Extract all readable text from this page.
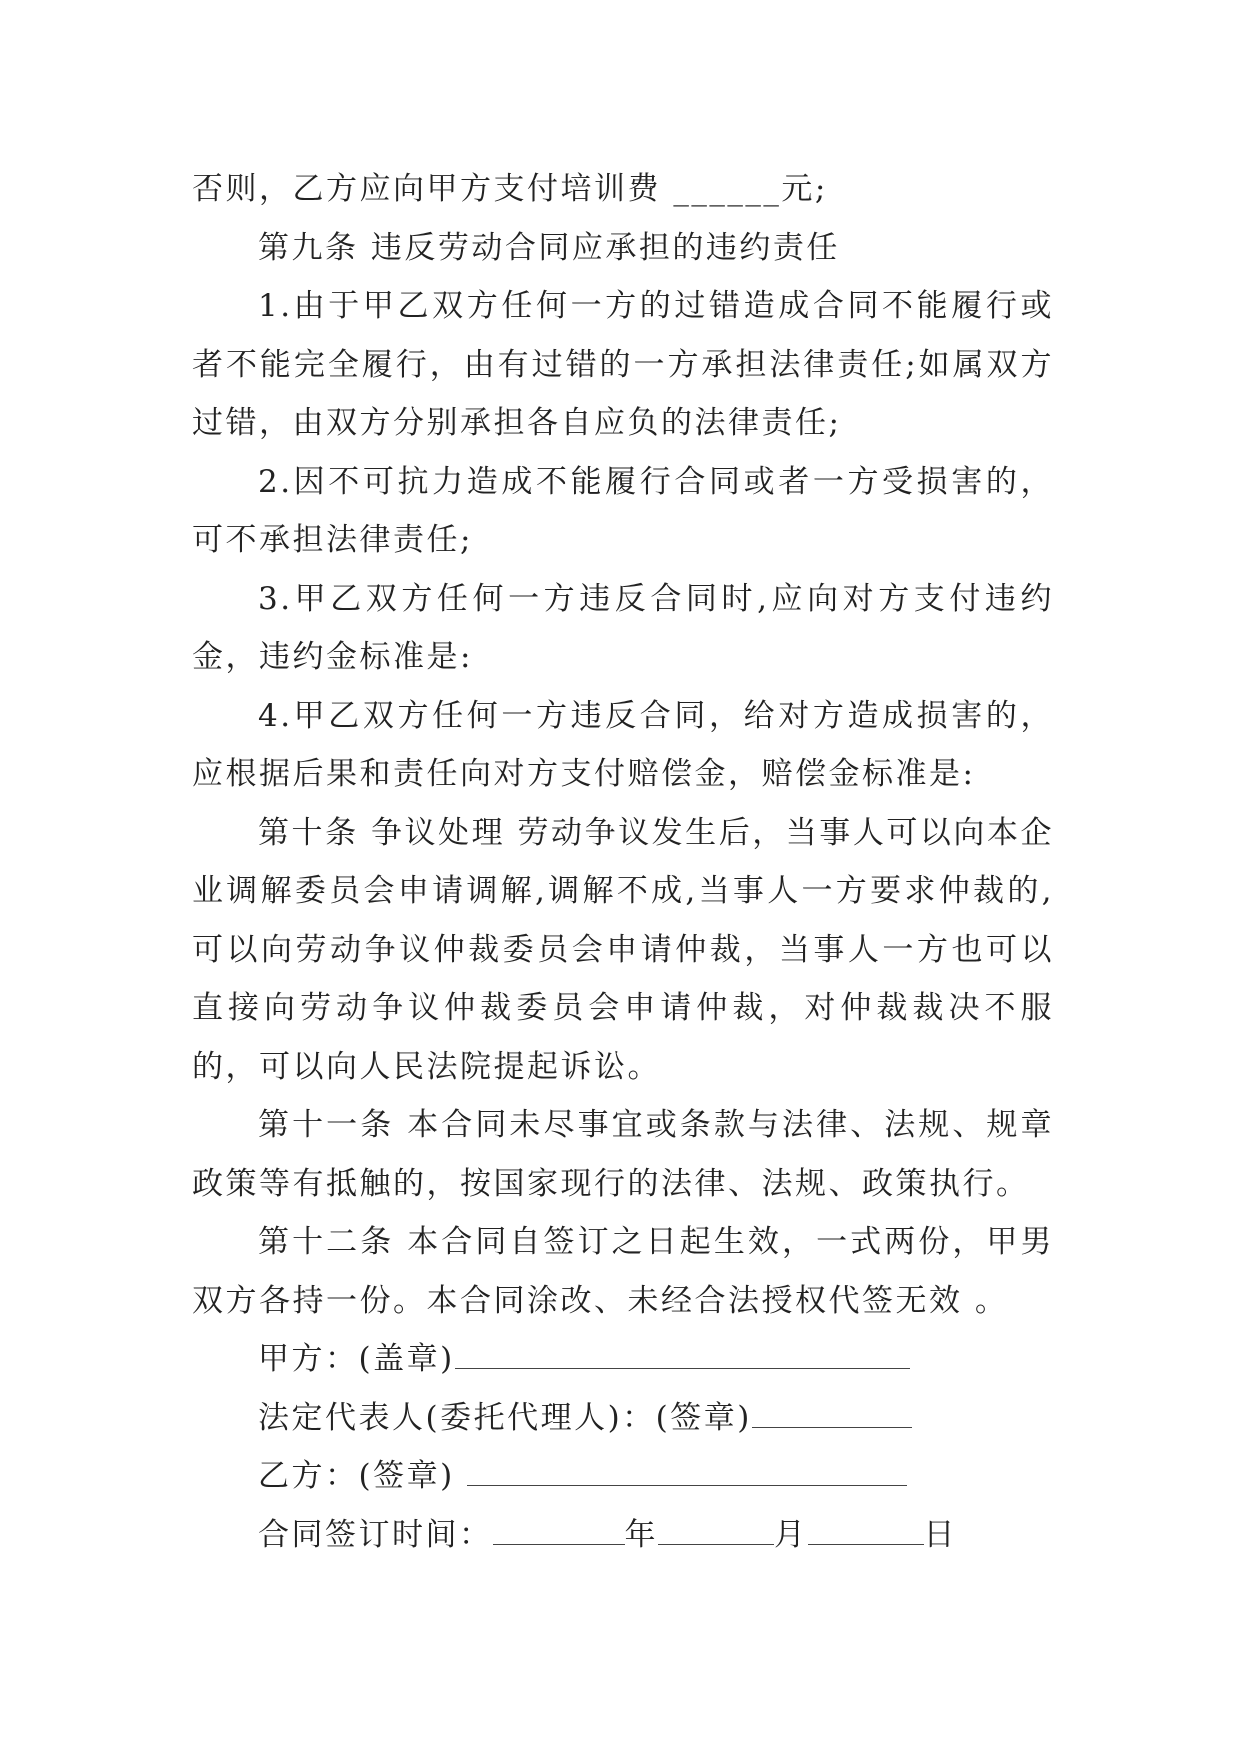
否则，乙方应向甲方支付培训费 ______元;

第九条 违反劳动合同应承担的违约责任

1.由于甲乙双方任何一方的过错造成合同不能履行或者不能完全履行，由有过错的一方承担法律责任;如属双方过错，由双方分别承担各自应负的法律责任;

2.因不可抗力造成不能履行合同或者一方受损害的，可不承担法律责任;

3.甲乙双方任何一方违反合同时,应向对方支付违约金，违约金标准是:

4.甲乙双方任何一方违反合同，给对方造成损害的，应根据后果和责任向对方支付赔偿金，赔偿金标准是:

第十条 争议处理 劳动争议发生后，当事人可以向本企业调解委员会申请调解,调解不成,当事人一方要求仲裁的,可以向劳动争议仲裁委员会申请仲裁，当事人一方也可以直接向劳动争议仲裁委员会申请仲裁，对仲裁裁决不服的，可以向人民法院提起诉讼。

第十一条 本合同未尽事宜或条款与法律、法规、规章政策等有抵触的，按国家现行的法律、法规、政策执行。

第十二条 本合同自签订之日起生效，一式两份，甲男双方各持一份。本合同涂改、未经合法授权代签无效 。

甲方：(盖章)
法定代表人(委托代理人)：(签章)
乙方：(签章)
合同签订时间：	年	月	日
